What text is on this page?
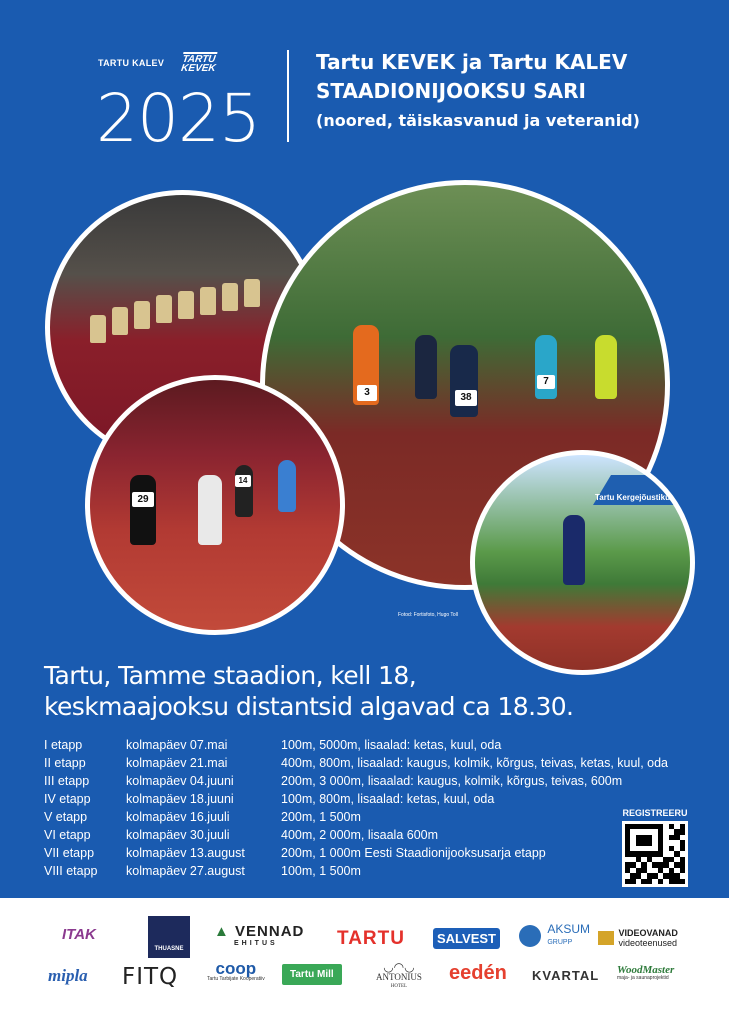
TARTU KALEV TARTU
KEVEK
2025
Tartu KEVEK ja Tartu KALEV
STAADIONIJOOKSU SARI
(noored, täiskasvanud ja veteranid)
3	38
7
29
14
Tartu Kergejõustikuk
Fotod: Fortisfoto, Hugo Toll
Tartu, Tamme staadion, kell 18,
keskmaajooksu distantsid algavad ca 18.30.
I etapp	kolmapäev 07.mai	100m, 5000m, lisaalad: ketas, kuul, oda
II etapp	kolmapäev 21.mai	400m, 800m, lisaalad: kaugus, kolmik, kõrgus, teivas, ketas, kuul, oda
III etapp	kolmapäev 04.juuni	200m, 3 000m, lisaalad: kaugus, kolmik, kõrgus, teivas, 600m
IV etapp	kolmapäev 18.juuni	100m, 800m, lisaalad: ketas, kuul, oda
V etapp	kolmapäev 16.juuli	200m, 1 500m
VI etapp	kolmapäev 30.juuli	400m, 2 000m, lisaala 600m
VII etapp	kolmapäev 13.august	200m, 1 000m Eesti Staadionijooksusarja etapp
VIII etapp	kolmapäev 27.august	100m, 1 500m
REGISTREERU
ITAK
THUASNE
▲ VENNAD
EHITUS	TARTU	SALVEST
AKSUM
GRUPP
VIDEOVANAD
videoteenused
mipla FITQ	coop
Tartu Tarbijate Kooperatiiv	Tartu Mill
◡◠◡
ANTONIUS
HOTEL
eedén KVARTAL WoodMaster
maja- ja saunaprojektid
